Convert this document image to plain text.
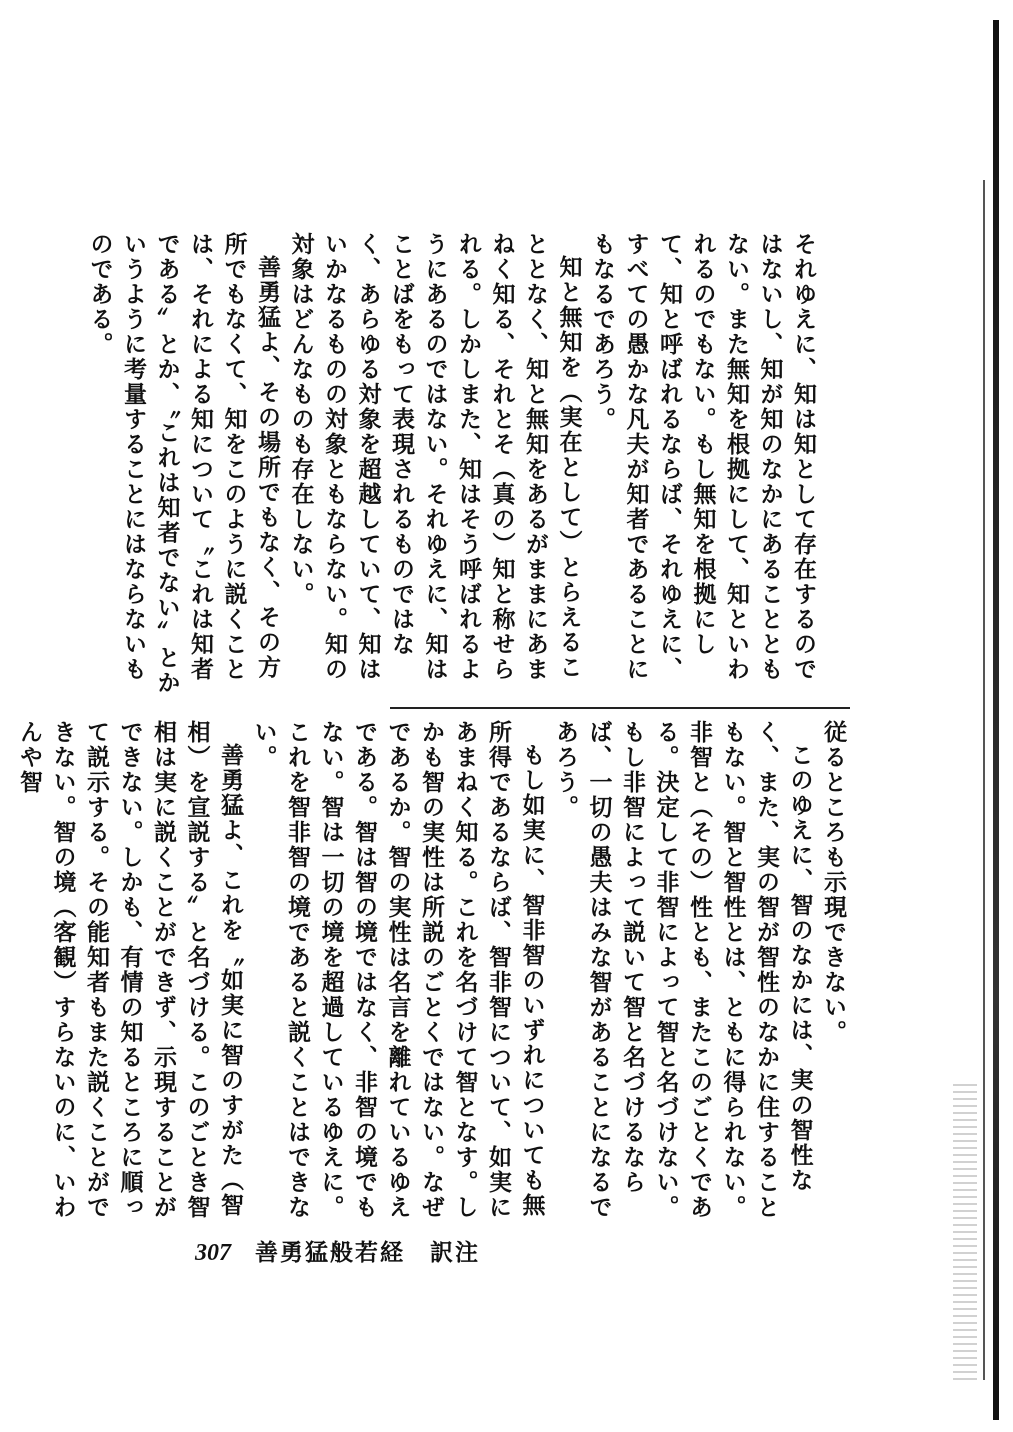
それゆえに、知は知として存在するのではないし、知が知のなかにあることともない。また無知を根拠にして、知といわれるのでもない。もし無知を根拠にして、知と呼ばれるならば、それゆえに、すべての愚かな凡夫が知者であることにもなるであろう。

知と無知を（実在として）とらえることとなく、知と無知をあるがままにあまねく知る、それとそ（真の）知と称せられる。しかしまた、知はそう呼ばれるようにあるのではない。それゆえに、知はことばをもって表現されるものではなく、あらゆる対象を超越していて、知はいかなるものの対象ともならない。知の対象はどんなものも存在しない。

善勇猛よ、その場所でもなく、その方所でもなくて、知をこのように説くことは、それによる知について〝これは知者である〟とか、〝これは知者でない〟とかいうように考量することにはならないものである。

従るところも示現できない。

このゆえに、智のなかには、実の智性なく、また、実の智が智性のなかに住することもない。智と智性とは、ともに得られない。非智と（その）性とも、またこのごとくである。決定して非智によって智と名づけない。もし非智によって説いて智と名づけるならば、一切の愚夫はみな智があることになるであろう。

もし如実に、智非智のいずれについても無所得であるならば、智非智について、如実にあまねく知る。これを名づけて智となす。しかも智の実性は所説のごとくではない。なぜであるか。智の実性は名言を離れているゆえである。智は智の境ではなく、非智の境でもない。智は一切の境を超過しているゆえに。これを智非智の境であると説くことはできない。

善勇猛よ、これを〝如実に智のすがた（智相）を宣説する〟と名づける。このごとき智相は実に説くことができず、示現することができない。しかも、有情の知るところに順って説示する。その能知者もまた説くことができない。智の境（客観）すらないのに、いわんや智

307 善勇猛般若経　訳注
